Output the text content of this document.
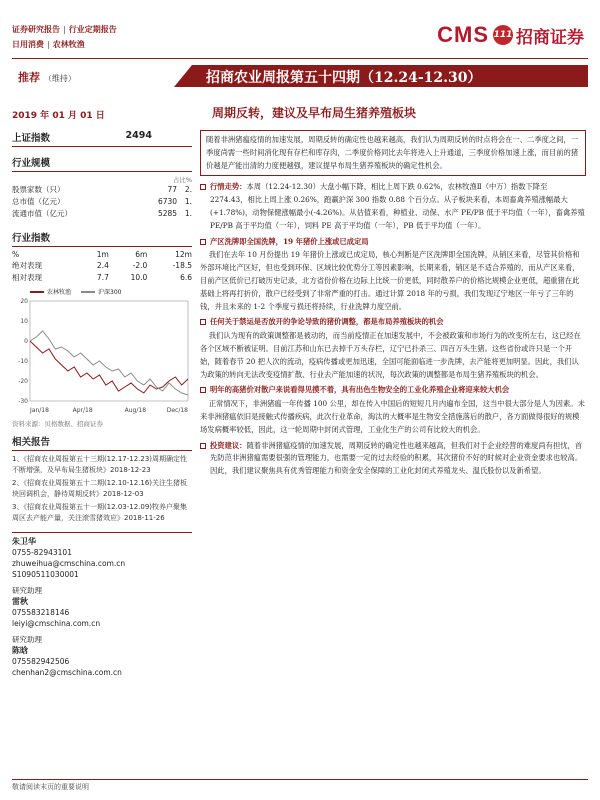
证券研究报告 | 行业定期报告
日用消费 | 农林牧渔	CMS 111 招商证券
推荐 （维持）	招商农业周报第五十四期（12.24-12.30）
2019 年 01 月 01 日	周期反转，建议及早布局生猪养殖板块
上证指数	2494
行业规模
占比%
股票家数（只）	77	2.
总市值（亿元）	6730	1.
流通市值（亿元）	5285	1.
行业指数
%	1m	6m	12m
绝对表现	2.4	-2.0	-18.5
相对表现	7.7	10.0	6.6
农林牧渔	沪深300
20
10
0
-10
-20
-30
Jan/18	Apr/18	Aug/18	Dec/18
资料来源：贝格数据、招商证券
相关报告
1、《招商农业周报第五十三期(12.17-12.23)周期确定性不断增强，及早布局生猪板块》2018-12-23
2、《招商农业周报第五十二期(12.10-12.16)关注生猪板块回调机会，静待周期反转》2018-12-03
3、《招商农业周报第五十一期(12.03-12.09)牧养户聚集周区去产能产量，关注滚雪猪效应》2018-11-26
朱卫华
0755-82943101
zhuweihua@cmschina.com.cn
S1090511030001
研究助理
雷秋
075583218146
leiyi@cmschina.com.cn
研究助理
陈晗
075582942506
chenhan2@cmschina.com.cn
随着非洲猪瘟疫情的加速发展，周期反转的确定性也越来越高，我们认为周期反转的时点将会在一、二季度之间，一季度尚需一些时间消化现有存栏和库存肉，二季度价格同比去年将进入上升通道，三季度价格加速上涨，而目前的猪价越是产能出清的力度便越强，建议提早布局生猪养殖板块的确定性机会。
行情走势：本周（12.24-12.30）大盘小幅下降，相比上周下跌 0.62%，农林牧渔Ⅱ（中万）指数下降至 2274.43，相比上周上涨 0.26%，跑赢沪深 300 指数 0.88 个百分点。从子板块来看，本周畜禽养殖涨幅最大(+1.78%)，动物保健涨幅最小(-4.26%)。从估值来看，种植业、动保、水产 PE/PB 低于平均值（一年），畜禽养殖 PE/PB 高于平均值（一年），饲料 PE 高于平均值（一年），PB 低于平均值（一年）。
产区洗牌即全国洗牌，19 年猪价上涨或已成定局
我们在去年 10 月份提出 19 年猪价上涨或已成定局，核心判断是产区洗牌即全国洗牌，从销区来看，尽管其价格和外部环境比产区好，但也受到环保、区域比较优势分工等因素影响，长期来看，销区是不适合养殖的，而从产区来看，目前产区低价已打破历史记录，北方省份价格在边际上比统一价更低，同时散养户的价格比规模企业更低，超重猪在此基础上将再打折价，散户已经受到了非常严重的打击。通过计算 2018 年的亏损，我们发现辽宁地区一年亏了三年的钱，并且未来的 1-2 个季度亏损还将持续，行业洗牌力度空前。
任何关于禁运是否放开的争论导致的猪价调整，都是布局养殖板块的机会
我们认为现有的政策调整都是被动的，而当前疫情正在加速发展中，不会被政策和市场行为的改变所左右，这已经在各个区域不断被证明。目前江苏和山东已去掉千万头存栏，辽宁已扑杀三、四百万头生猪。这些省份或许只是一个开始，随着春节 20 把人次的流动，疫病传播或更加迅速，全国可能面临进一步洗牌，去产能将更加明显。因此，我们认为政策的转向无法改变疫情扩散、行业去产能加速的状况，每次政策的调整都是布局生猪养殖板块的机会。
明年的高猪价对散户来说看得见摸不着，具有出色生物安全的工业化养殖企业将迎来较大机会
正常情况下，非洲猪瘟一年传播 100 公里，却在传入中国后的短短几月内遍布全国，这当中很大部分是人为因素。未来非洲猪瘟依旧是接触式传播疾病，此次行业革命，淘汰的大概率是生物安全措施落后的散户，各方面做得很好的规模场发病概率较低，因此，这一轮周期中封闭式管理，工业化生产的公司有比较大的机会。
投资建议：随着非洲猪瘟疫情的加速发展，周期反转的确定性也越来越高，但我们对于企业经营的难度尚有担忧，首先防范非洲猪瘟需要很强的管理能力，也需要一定的过去经验的积累，其次猪价不好的时候对企业资金要求也较高。因此，我们建议聚焦具有优秀管理能力和资金安全保障的工业化封闭式养殖龙头、温氏股份以及新希望。
敬请阅读末页的重要说明
